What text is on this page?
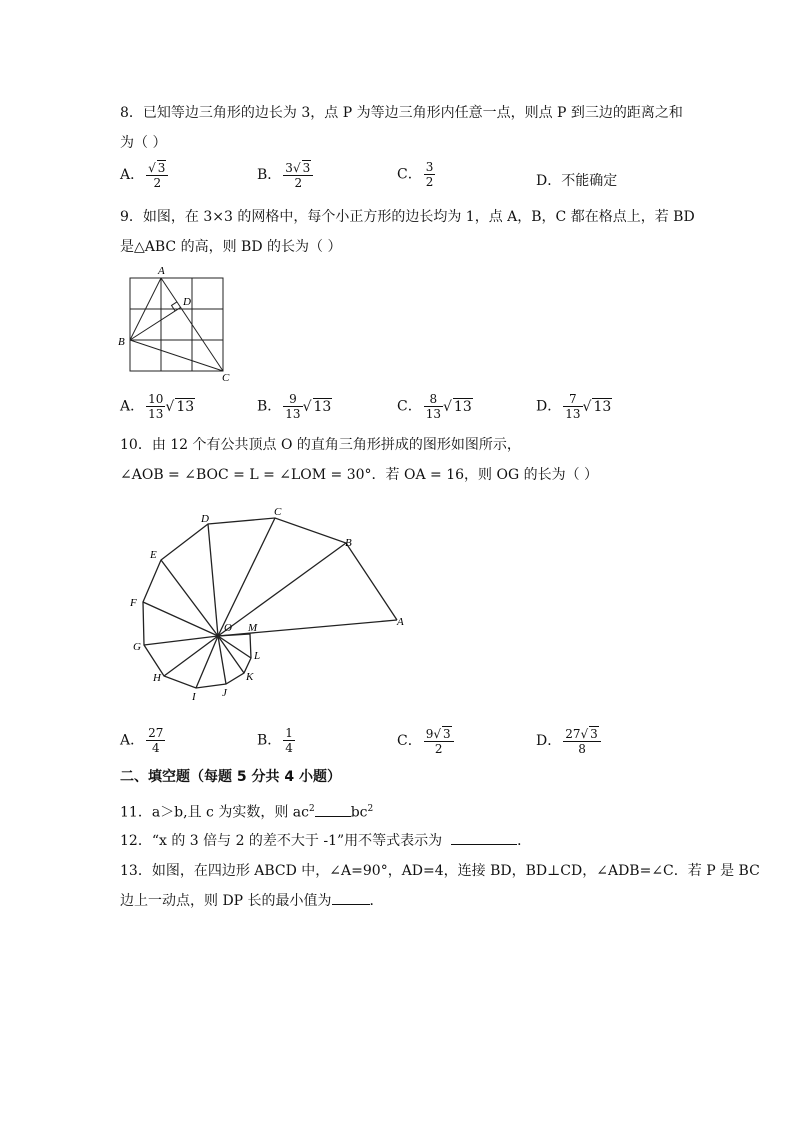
8．已知等边三角形的边长为 3，点 P 为等边三角形内任意一点，则点 P 到三边的距离之和
为（ ）
A． √ $\frac{3}{2}$	B． $\frac{3 √ 3}{2}$	C． $\frac{3}{2}$	D．不能确定
9．如图，在 3×3 的网格中，每个小正方形的边长均为 1，点 A，B，C 都在格点上，若 BD
是△ABC 的高，则 BD 的长为（ ）
A
B
C
D
A． $\frac{10}{13}$ √ 13	B． $\frac{9}{13}$ √ 13	C． $\frac{8}{13}$ √ 13	D． $\frac{7}{13}$ √ 13
10．由 12 个有公共顶点 O 的直角三角形拼成的图形如图所示，
∠AOB = ∠BOC = L = ∠LOM = 30°．若 OA = 16，则 OG 的长为（ ）
O	A
B
C
D
E
F
G
H
I J
K
L
M
A． $\frac{27}{4}$	B． $\frac{1}{4}$	C． $\frac{9 √ 3}{2}$	D． $\frac{27 √ 3}{8}$
二、填空题（每题 5 分共 4 小题）
11．a＞b,且 c 为实数，则 $ac^2$	$bc^2$
12．“x 的 3 倍与 2 的差不大于 -1”用不等式表示为	．
13．如图，在四边形 ABCD 中，∠A=90°，AD=4，连接 BD，BD⊥CD，∠ADB=∠C．若 P 是 BC
边上一动点，则 DP 长的最小值为	．
